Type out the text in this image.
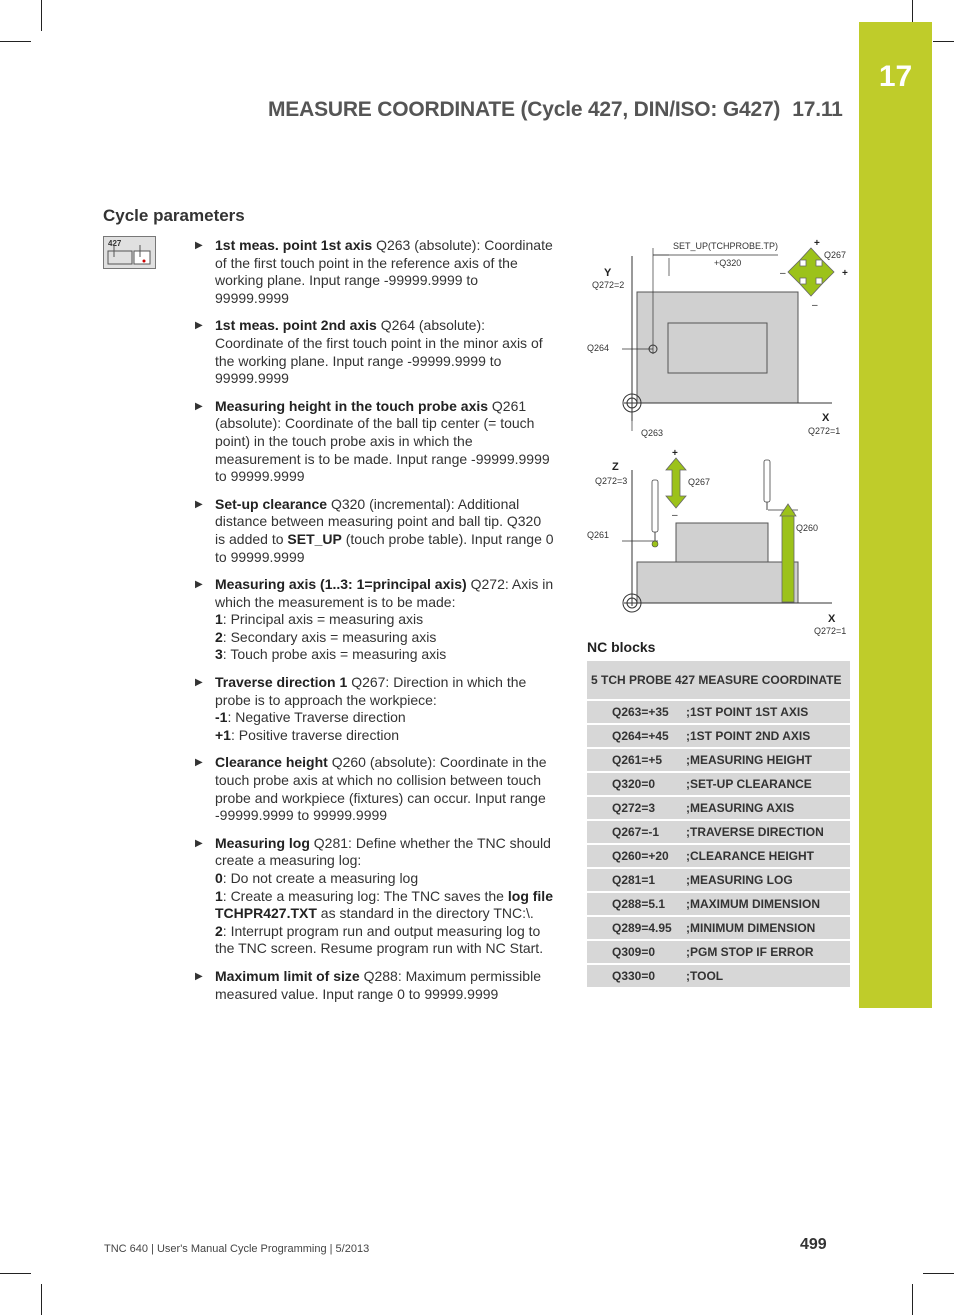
17
MEASURE COORDINATE (Cycle 427, DIN/ISO: G427) 17.11
Cycle parameters
427	▶ 1st meas. point 1st axis Q263 (absolute): Coordinate of the first touch point in the reference axis of the working plane. Input range -99999.9999 to 99999.9999
▶ 1st meas. point 2nd axis Q264 (absolute): Coordinate of the first touch point in the minor axis of the working plane. Input range -99999.9999 to 99999.9999
▶ Measuring height in the touch probe axis Q261 (absolute): Coordinate of the ball tip center (= touch point) in the touch probe axis in which the measurement is to be made. Input range -99999.9999 to 99999.9999
▶ Set-up clearance Q320 (incremental): Additional distance between measuring point and ball tip. Q320 is added to SET_UP (touch probe table). Input range 0 to 99999.9999
▶ Measuring axis (1..3: 1=principal axis) Q272: Axis in which the measurement is to be made:
1: Principal axis = measuring axis
2: Secondary axis = measuring axis
3: Touch probe axis = measuring axis
▶ Traverse direction 1 Q267: Direction in which the probe is to approach the workpiece:
-1: Negative Traverse direction
+1: Positive traverse direction
▶ Clearance height Q260 (absolute): Coordinate in the touch probe axis at which no collision between touch probe and workpiece (fixtures) can occur. Input range -99999.9999 to 99999.9999
▶ Measuring log Q281: Define whether the TNC should create a measuring log:
0: Do not create a measuring log
1: Create a measuring log: The TNC saves the log file TCHPR427.TXT as standard in the directory TNC:\.
2: Interrupt program run and output measuring log to the TNC screen. Resume program run with NC Start.
▶ Maximum limit of size Q288: Maximum permissible measured value. Input range 0 to 99999.9999
+
+
–
–
SET_UP(TCHPROBE.TP)
+Q320
Q267
Y
Q272=2
Q264
Q263
X
Q272=1
+
–
Z
Q272=3	Q267
Q261
Q260
X
Q272=1
NC blocks
5 TCH PROBE 427 MEASURE COORDINATE	
Q263=+35	;1ST POINT 1ST AXIS
Q264=+45	;1ST POINT 2ND AXIS
Q261=+5	;MEASURING HEIGHT
Q320=0	;SET-UP CLEARANCE
Q272=3	;MEASURING AXIS
Q267=-1	;TRAVERSE DIRECTION
Q260=+20	;CLEARANCE HEIGHT
Q281=1	;MEASURING LOG
Q288=5.1	;MAXIMUM DIMENSION
Q289=4.95	;MINIMUM DIMENSION
Q309=0	;PGM STOP IF ERROR
Q330=0	;TOOL
TNC 640 | User's Manual Cycle Programming | 5/2013	499
